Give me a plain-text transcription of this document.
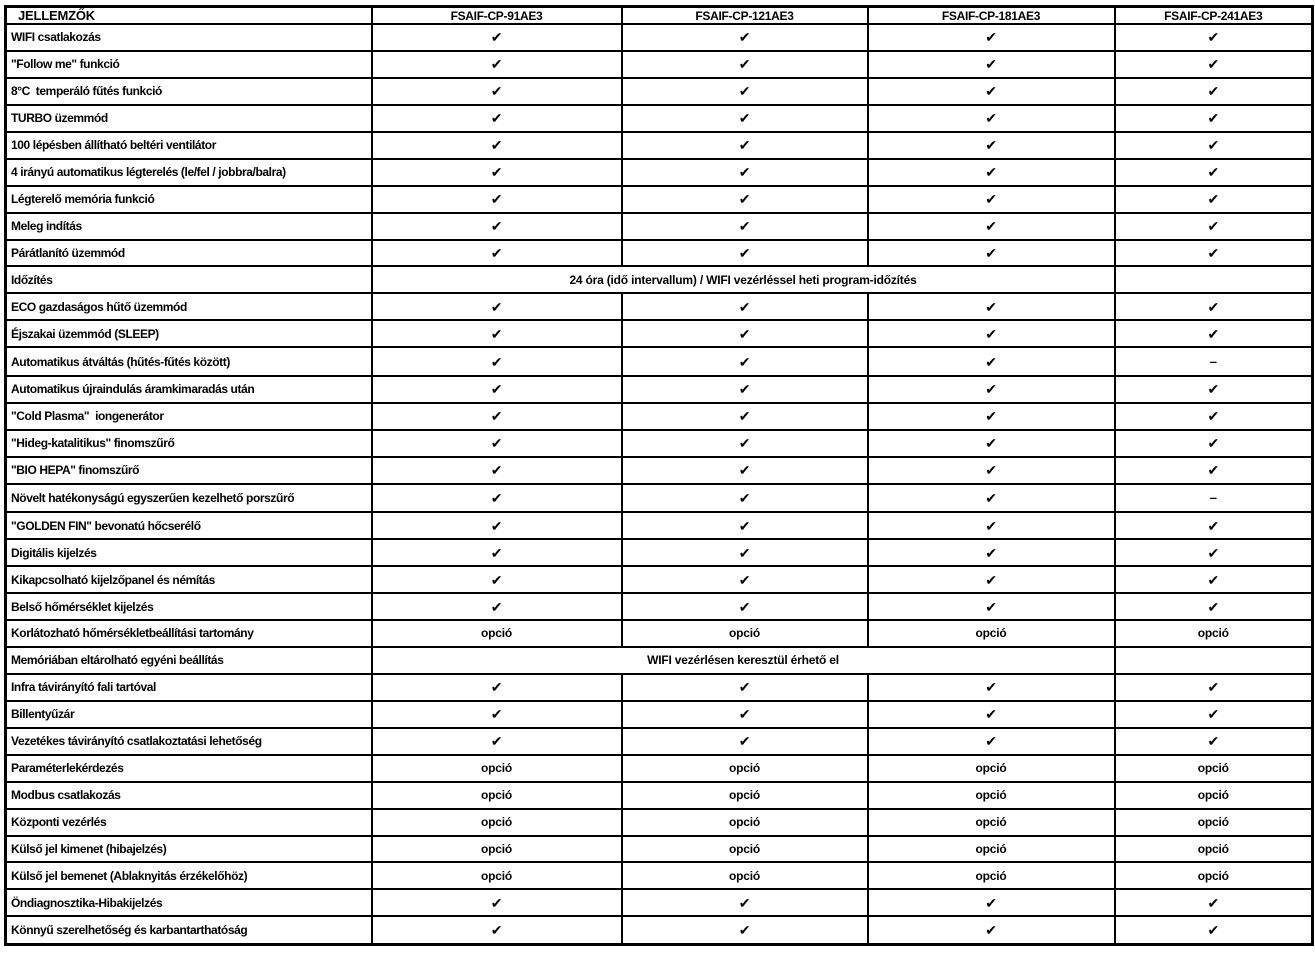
JELLEMZŐK	FSAIF-CP-91AE3	FSAIF-CP-121AE3	FSAIF-CP-181AE3	FSAIF-CP-241AE3
WIFI csatlakozás	✔	✔	✔	✔
"Follow me" funkció	✔	✔	✔	✔
8°C  temperáló fűtés funkció	✔	✔	✔	✔
TURBO üzemmód	✔	✔	✔	✔
100 lépésben állítható beltéri ventilátor	✔	✔	✔	✔
4 irányú automatikus légterelés (le/fel / jobbra/balra)	✔	✔	✔	✔
Légterelő memória funkció	✔	✔	✔	✔
Meleg indítás	✔	✔	✔	✔
Párátlanító üzemmód	✔	✔	✔	✔
Időzítés	24 óra (idő intervallum) / WIFI vezérléssel heti program-időzítés			
ECO gazdaságos hűtő üzemmód	✔	✔	✔	✔
Éjszakai üzemmód (SLEEP)	✔	✔	✔	✔
Automatikus átváltás (hűtés-fűtés között)	✔	✔	✔	–
Automatikus újraindulás áramkimaradás után	✔	✔	✔	✔
"Cold Plasma"  iongenerátor	✔	✔	✔	✔
"Hideg-katalitikus" finomszűrő	✔	✔	✔	✔
"BIO HEPA" finomszűrő	✔	✔	✔	✔
Növelt hatékonyságú egyszerűen kezelhető porszűrő	✔	✔	✔	–
"GOLDEN FIN" bevonatú hőcserélő	✔	✔	✔	✔
Digitális kijelzés	✔	✔	✔	✔
Kikapcsolható kijelzőpanel és némítás	✔	✔	✔	✔
Belső hőmérséklet kijelzés	✔	✔	✔	✔
Korlátozható hőmérsékletbeállítási tartomány	opció	opció	opció	opció
Memóriában eltárolható egyéni beállítás	WIFI vezérlésen keresztül érhető el			
Infra távirányító fali tartóval	✔	✔	✔	✔
Billentyűzár	✔	✔	✔	✔
Vezetékes távirányító csatlakoztatási lehetőség	✔	✔	✔	✔
Paraméterlekérdezés	opció	opció	opció	opció
Modbus csatlakozás	opció	opció	opció	opció
Központi vezérlés	opció	opció	opció	opció
Külső jel kimenet (hibajelzés)	opció	opció	opció	opció
Külső jel bemenet (Ablaknyitás érzékelőhöz)	opció	opció	opció	opció
Öndiagnosztika-Hibakijelzés	✔	✔	✔	✔
Könnyű szerelhetőség és karbantarthatóság	✔	✔	✔	✔
